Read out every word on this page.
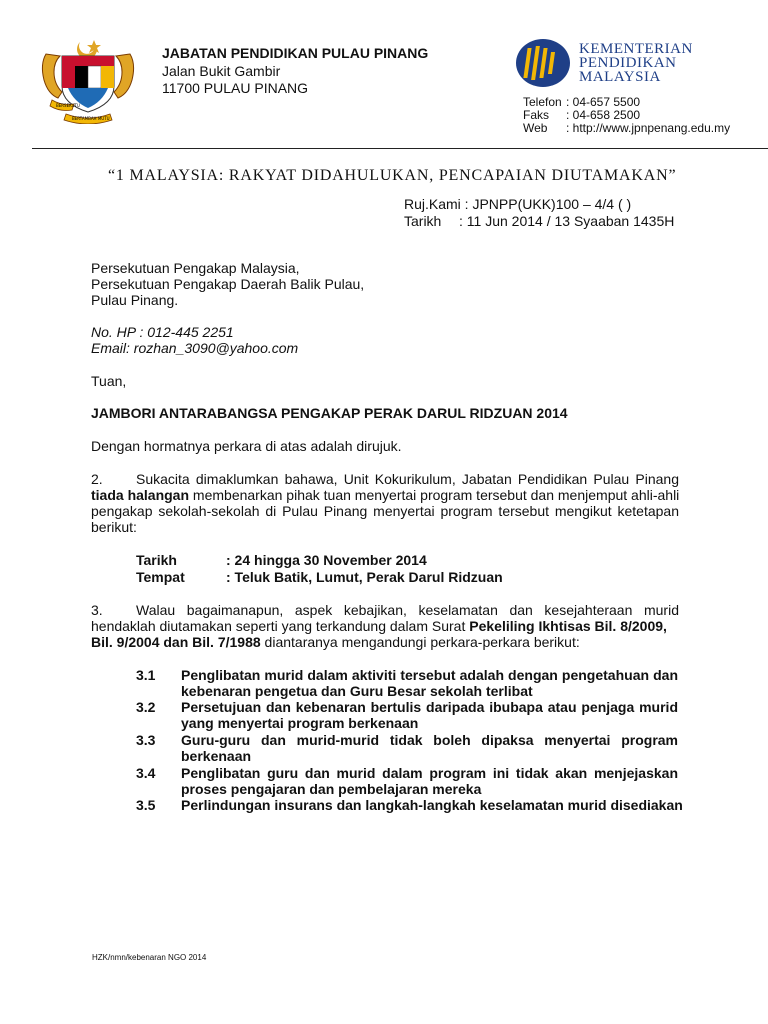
BERSEKUTU
BERTAMBAH MUTU
JABATAN PENDIDIKAN PULAU PINANG
Jalan Bukit Gambir
11700 PULAU PINANG
KEMENTERIAN
PENDIDIKAN
MALAYSIA
Telefon : 04-657 5500
Faks : 04-658 2500
Web : http://www.jpnpenang.edu.my
“1 MALAYSIA: RAKYAT DIDAHULUKAN, PENCAPAIAN DIUTAMAKAN”
Ruj.Kami : JPNPP(UKK)100 – 4/4 ( )
Tarikh : 11 Jun 2014 / 13 Syaaban 1435H
Persekutuan Pengakap Malaysia,
Persekutuan Pengakap Daerah Balik Pulau,
Pulau Pinang.
No. HP : 012-445 2251
Email: rozhan_3090@yahoo.com
Tuan,
JAMBORI ANTARABANGSA PENGAKAP PERAK DARUL RIDZUAN 2014
Dengan hormatnya perkara di atas adalah dirujuk.
2. Sukacita dimaklumkan bahawa, Unit Kokurikulum, Jabatan Pendidikan Pulau Pinang
tiada halangan membenarkan pihak tuan menyertai program tersebut dan menjemput ahli-ahli
pengakap sekolah-sekolah di Pulau Pinang menyertai program tersebut mengikut ketetapan
berikut:
Tarikh	: 24 hingga 30 November 2014
Tempat	: Teluk Batik, Lumut, Perak Darul Ridzuan
3. Walau bagaimanapun, aspek kebajikan, keselamatan dan kesejahteraan murid
hendaklah diutamakan seperti yang terkandung dalam Surat Pekeliling Ikhtisas Bil. 8/2009,
Bil. 9/2004 dan Bil. 7/1988 diantaranya mengandungi perkara-perkara berikut:
3.1 Penglibatan murid dalam aktiviti tersebut adalah dengan pengetahuan dan kebenaran pengetua dan Guru Besar sekolah terlibat
3.2 Persetujuan dan kebenaran bertulis daripada ibubapa atau penjaga murid yang menyertai program berkenaan
3.3 Guru-guru dan murid-murid tidak boleh dipaksa menyertai program berkenaan
3.4 Penglibatan guru dan murid dalam program ini tidak akan menjejaskan proses pengajaran dan pembelajaran mereka
3.5 Perlindungan insurans dan langkah-langkah keselamatan murid disediakan
HZK/nmn/kebenaran NGO 2014
